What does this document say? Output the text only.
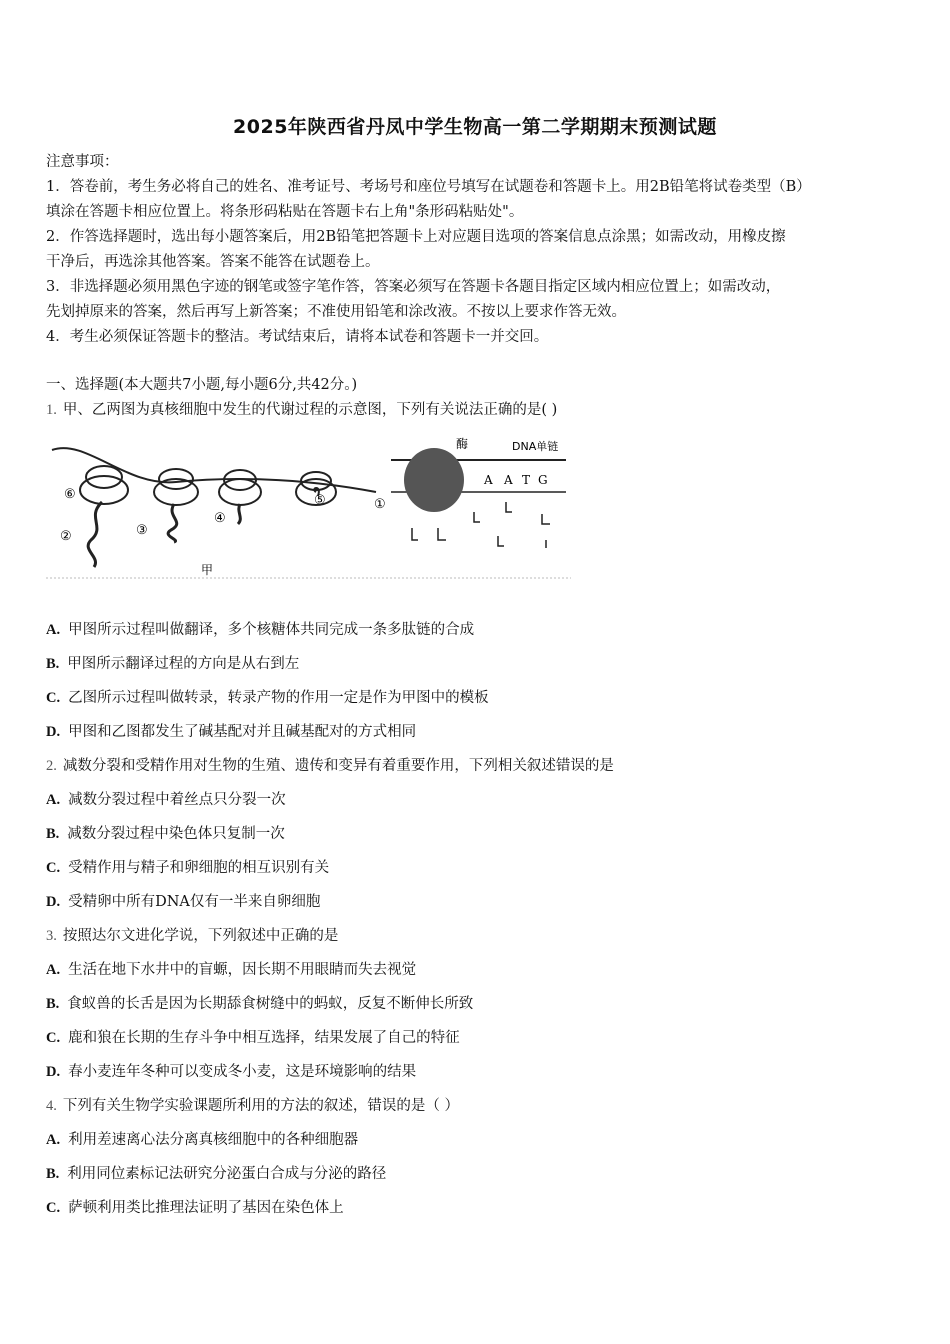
2025年陕西省丹凤中学生物高一第二学期期末预测试题

注意事项：

1．答卷前，考生务必将自己的姓名、准考证号、考场号和座位号填写在试题卷和答题卡上。用2B铅笔将试卷类型（B）

填涂在答题卡相应位置上。将条形码粘贴在答题卡右上角"条形码粘贴处"。

2．作答选择题时，选出每小题答案后，用2B铅笔把答题卡上对应题目选项的答案信息点涂黑；如需改动，用橡皮擦

干净后，再选涂其他答案。答案不能答在试题卷上。

3．非选择题必须用黑色字迹的钢笔或签字笔作答，答案必须写在答题卡各题目指定区域内相应位置上；如需改动，

先划掉原来的答案，然后再写上新答案；不准使用铅笔和涂改液。不按以上要求作答无效。

4．考生必须保证答题卡的整洁。考试结束后，请将本试卷和答题卡一并交回。

一、选择题(本大题共7小题,每小题6分,共42分。)
1. 甲、乙两图为真核细胞中发生的代谢过程的示意图，下列有关说法正确的是( )
⑥
②	③
④
⑤	①
甲
酶	DNA单链
A A T G
A. 甲图所示过程叫做翻译，多个核糖体共同完成一条多肽链的合成
B. 甲图所示翻译过程的方向是从右到左
C. 乙图所示过程叫做转录，转录产物的作用一定是作为甲图中的模板
D. 甲图和乙图都发生了碱基配对并且碱基配对的方式相同
2. 减数分裂和受精作用对生物的生殖、遗传和变异有着重要作用，下列相关叙述错误的是
A. 减数分裂过程中着丝点只分裂一次
B. 减数分裂过程中染色体只复制一次
C. 受精作用与精子和卵细胞的相互识别有关
D. 受精卵中所有DNA仅有一半来自卵细胞
3. 按照达尔文进化学说，下列叙述中正确的是
A. 生活在地下水井中的盲螈，因长期不用眼睛而失去视觉
B. 食蚁兽的长舌是因为长期舔食树缝中的蚂蚁，反复不断伸长所致
C. 鹿和狼在长期的生存斗争中相互选择，结果发展了自己的特征
D. 春小麦连年冬种可以变成冬小麦，这是环境影响的结果
4. 下列有关生物学实验课题所利用的方法的叙述，错误的是（ ）
A. 利用差速离心法分离真核细胞中的各种细胞器
B. 利用同位素标记法研究分泌蛋白合成与分泌的路径
C. 萨顿利用类比推理法证明了基因在染色体上
